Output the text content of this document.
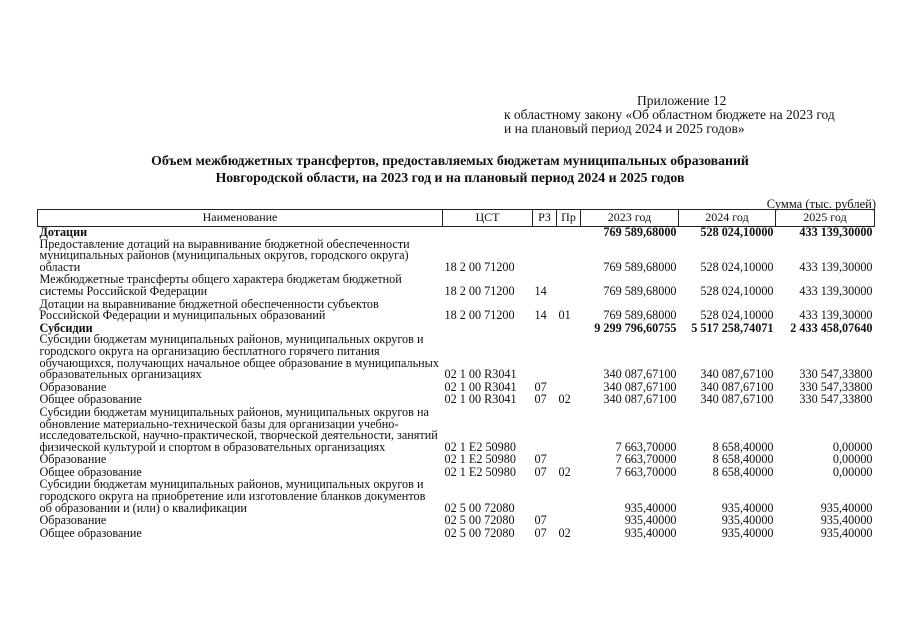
Приложение 12
к областному закону «Об областном бюджете на 2023 год
и на плановый период 2024 и 2025 годов»
Объем межбюджетных трансфертов, предоставляемых бюджетам муниципальных образований
Новгородской области, на 2023 год и на плановый период 2024 и 2025 годов
Сумма (тыс. рублей)
Наименование	ЦСТ	РЗ	Пр	2023 год	2024 год	2025 год
Дотации				769 589,68000	528 024,10000	433 139,30000
Предоставление дотаций на выравнивание бюджетной обеспеченности муниципальных районов (муниципальных округов, городского округа) области	18 2 00 71200			769 589,68000	528 024,10000	433 139,30000
Межбюджетные трансферты общего характера бюджетам бюджетной системы Российской Федерации	18 2 00 71200	14		769 589,68000	528 024,10000	433 139,30000
Дотации на выравнивание бюджетной обеспеченности субъектов Российской Федерации и муниципальных образований	18 2 00 71200	14	01	769 589,68000	528 024,10000	433 139,30000
Субсидии				9 299 796,60755	5 517 258,74071	2 433 458,07640
Субсидии бюджетам муниципальных районов, муниципальных округов и городского округа на организацию бесплатного горячего питания обучающихся, получающих начальное общее образование в муниципальных образовательных организациях	02 1 00 R3041			340 087,67100	340 087,67100	330 547,33800
Образование	02 1 00 R3041	07		340 087,67100	340 087,67100	330 547,33800
Общее образование	02 1 00 R3041	07	02	340 087,67100	340 087,67100	330 547,33800
Субсидии бюджетам муниципальных районов, муниципальных округов на обновление материально-технической базы для организации учебно-исследовательской, научно-практической, творческой деятельности, занятий физической культурой и спортом в образовательных организациях	02 1 E2 50980			7 663,70000	8 658,40000	0,00000
Образование	02 1 E2 50980	07		7 663,70000	8 658,40000	0,00000
Общее образование	02 1 E2 50980	07	02	7 663,70000	8 658,40000	0,00000
Субсидии бюджетам муниципальных районов, муниципальных округов и городского округа на приобретение или изготовление бланков документов об образовании и (или) о квалификации	02 5 00 72080			935,40000	935,40000	935,40000
Образование	02 5 00 72080	07		935,40000	935,40000	935,40000
Общее образование	02 5 00 72080	07	02	935,40000	935,40000	935,40000
